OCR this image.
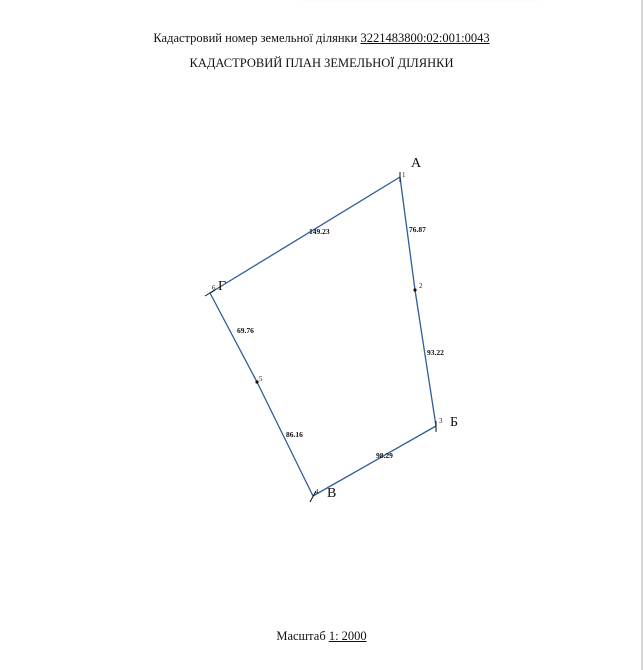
Кадастровий номер земельної ділянки 3221483800:02:001:0043
КАДАСТРОВИЙ ПЛАН ЗЕМЕЛЬНОЇ ДІЛЯНКИ
1
2
3
4
5
6
А
Б
В
Г
149.23	76.87
93.22
98.29
86.16
69.76
Масштаб 1: 2000
